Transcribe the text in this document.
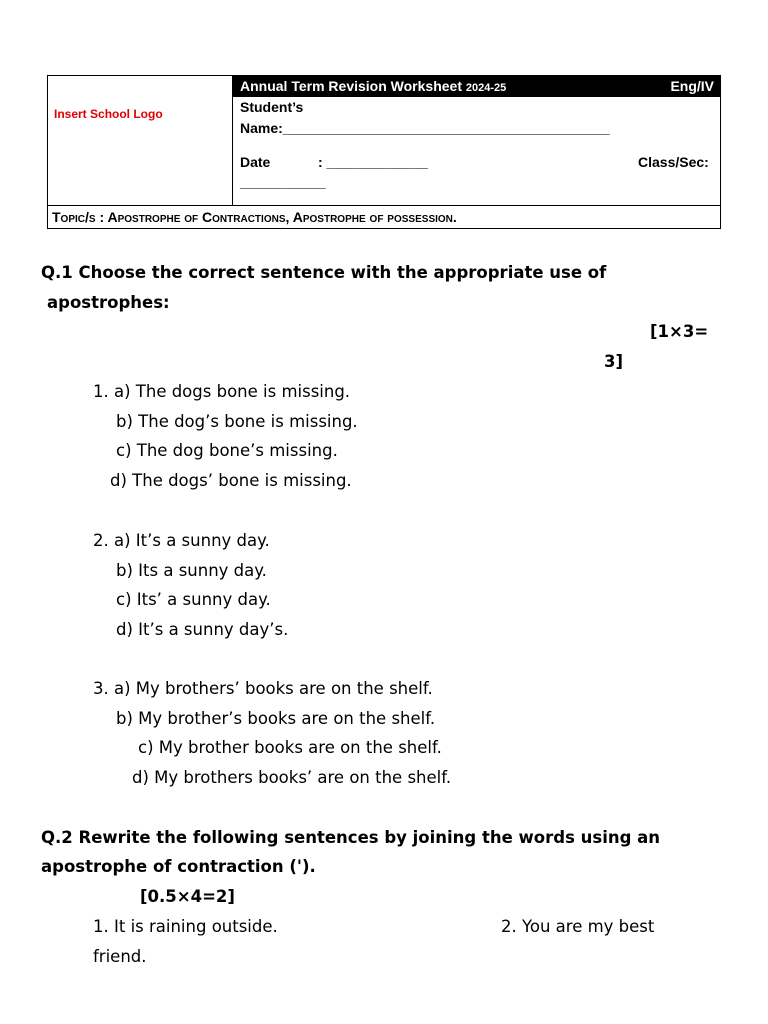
Insert School Logo
Annual Term Revision Worksheet 2024-25	Eng/IV
Student’s
Name:__________________________________________
Date	: _____________	Class/Sec:
___________
Topic/s : Apostrophe of Contractions, Apostrophe of possession.
Q.1 Choose the correct sentence with the appropriate use of
apostrophes:
[1×3=
3]
1. a) The dogs bone is missing.
b) The dog’s bone is missing.
c) The dog bone’s missing.
d) The dogs’ bone is missing.
2. a) It’s a sunny day.
b) Its a sunny day.
c) Its’ a sunny day.
d) It’s a sunny day’s.
3. a) My brothers’ books are on the shelf.
b) My brother’s books are on the shelf.
c) My brother books are on the shelf.
d) My brothers books’ are on the shelf.
Q.2 Rewrite the following sentences by joining the words using an
apostrophe of contraction (').
[0.5×4=2]
1. It is raining outside.	2. You are my best
friend.
